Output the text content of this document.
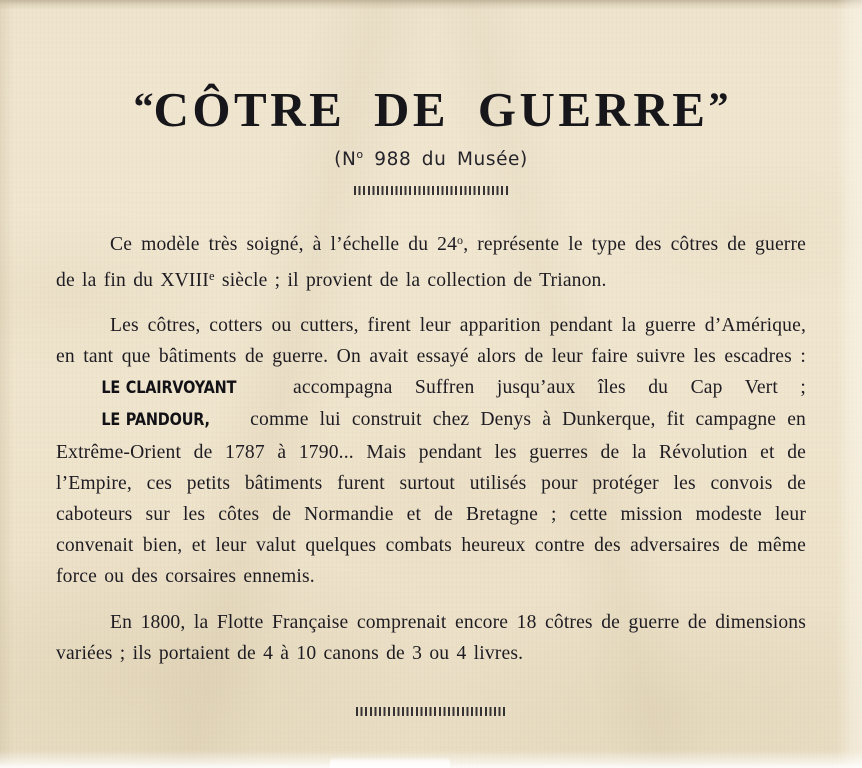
“CÔTRE DE GUERRE”
($N^o$ 988 du Musée)

Ce modèle très soigné, à l’échelle du 24$^o$, représente le type des côtres de guerre de la fin du XVIIIe siècle ; il provient de la collection de Trianon.

Les côtres, cotters ou cutters, firent leur apparition pendant la guerre d’Amérique, en tant que bâtiments de guerre. On avait essayé alors de leur faire suivre les escadres : LE CLAIRVOYANT accompagna Suffren jusqu’aux îles du Cap Vert ; LE PANDOUR, comme lui construit chez Denys à Dunkerque, fit campagne en Extrême-Orient de 1787 à 1790... Mais pendant les guerres de la Révolution et de l’Empire, ces petits bâtiments furent surtout utilisés pour protéger les convois de caboteurs sur les côtes de Normandie et de Bretagne ; cette mission modeste leur convenait bien, et leur valut quelques combats heureux contre des adversaires de même force ou des corsaires ennemis.

En 1800, la Flotte Française comprenait encore 18 côtres de guerre de dimensions variées ; ils portaient de 4 à 10 canons de 3 ou 4 livres.
